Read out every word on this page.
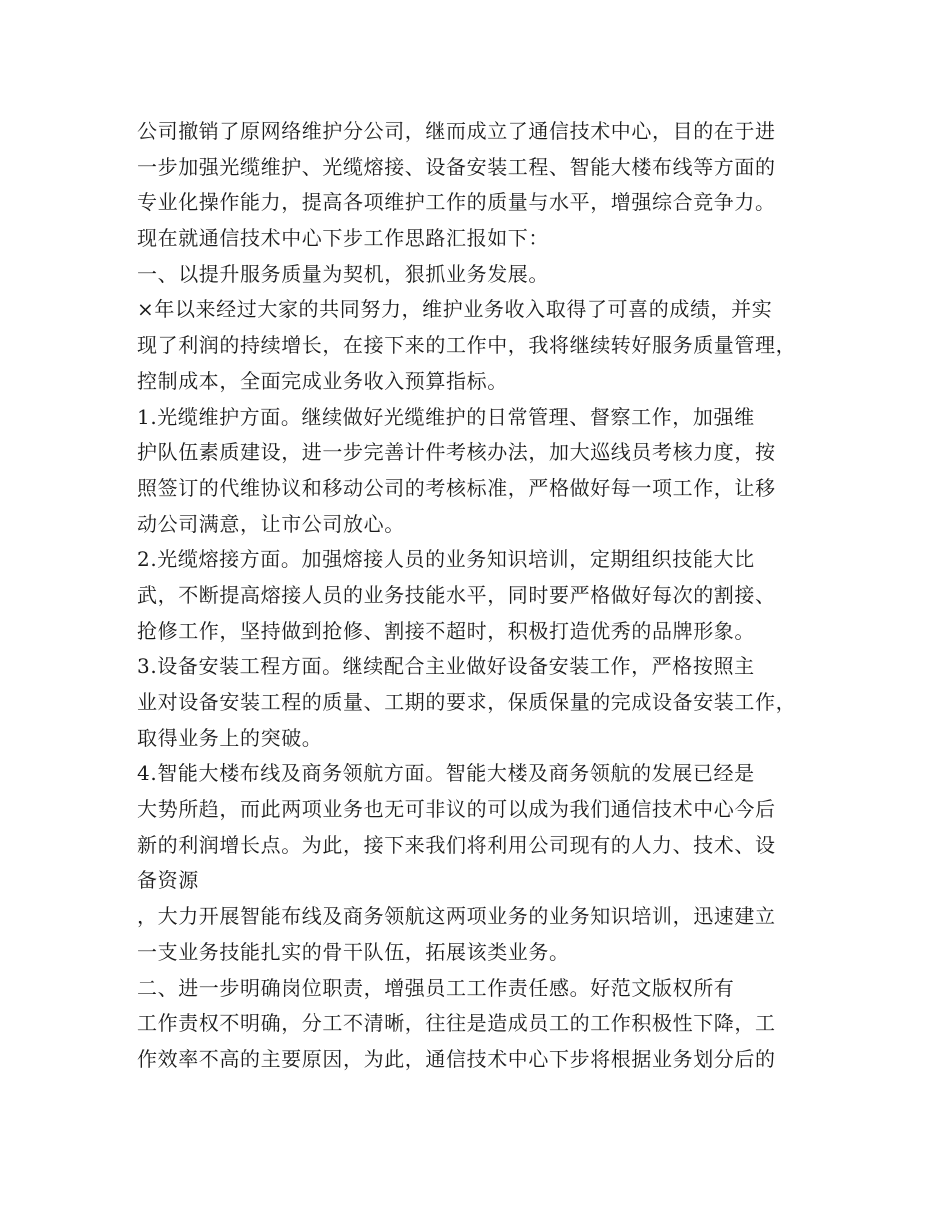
公司撤销了原网络维护分公司，继而成立了通信技术中心，目的在于进
一步加强光缆维护、光缆熔接、设备安装工程、智能大楼布线等方面的
专业化操作能力，提高各项维护工作的质量与水平，增强综合竞争力。
现在就通信技术中心下步工作思路汇报如下：
一、以提升服务质量为契机，狠抓业务发展。
×年以来经过大家的共同努力，维护业务收入取得了可喜的成绩，并实
现了利润的持续增长，在接下来的工作中，我将继续转好服务质量管理，
控制成本，全面完成业务收入预算指标。
1.光缆维护方面。继续做好光缆维护的日常管理、督察工作，加强维
护队伍素质建设，进一步完善计件考核办法，加大巡线员考核力度，按
照签订的代维协议和移动公司的考核标准，严格做好每一项工作，让移
动公司满意，让市公司放心。
2.光缆熔接方面。加强熔接人员的业务知识培训，定期组织技能大比
武，不断提高熔接人员的业务技能水平，同时要严格做好每次的割接、
抢修工作，坚持做到抢修、割接不超时，积极打造优秀的品牌形象。
3.设备安装工程方面。继续配合主业做好设备安装工作，严格按照主
业对设备安装工程的质量、工期的要求，保质保量的完成设备安装工作，
取得业务上的突破。
4.智能大楼布线及商务领航方面。智能大楼及商务领航的发展已经是
大势所趋，而此两项业务也无可非议的可以成为我们通信技术中心今后
新的利润增长点。为此，接下来我们将利用公司现有的人力、技术、设
备资源
，大力开展智能布线及商务领航这两项业务的业务知识培训，迅速建立
一支业务技能扎实的骨干队伍，拓展该类业务。
二、进一步明确岗位职责，增强员工工作责任感。好范文版权所有
工作责权不明确，分工不清晰，往往是造成员工的工作积极性下降，工
作效率不高的主要原因，为此，通信技术中心下步将根据业务划分后的
